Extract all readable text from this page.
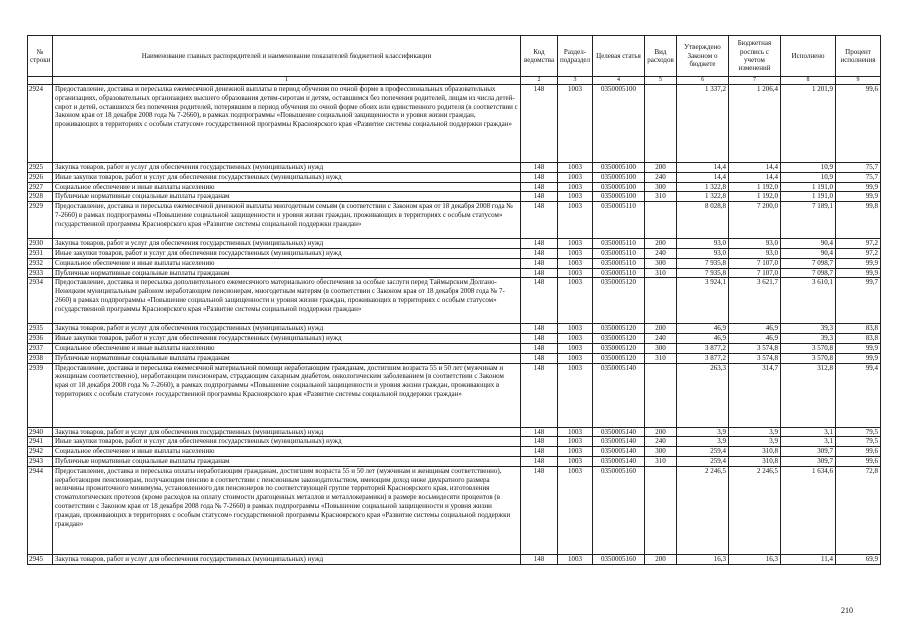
№ строки	Наименование главных распорядителей и наименование показателей бюджетной классификации	Код ведомства	Раздел-подраздел	Целевая статья	Вид расходов	Утверждено Законом о бюджете	Бюджетная роспись с учетом изменений	Исполнено	Процент исполнения
	1	2	3	4	5	6	7	8	9
2924	Предоставление, доставка и пересылка ежемесячной денежной выплаты в период обучения по очной форме в профессиональных образовательных организациях, образовательных организациях высшего образования детям-сиротам и детям, оставшимся без попечения родителей, лицам из числа детей-сирот и детей, оставшихся без попечения родителей, потерявшим в период обучения по очной форме обоих или единственного родителя (в соответствии с Законом края от 18 декабря 2008 года № 7-2660), в рамках подпрограммы «Повышение социальной защищенности и уровня жизни граждан, проживающих в территориях с особым статусом» государственной программы Красноярского края «Развитие системы социальной поддержки граждан»	148	1003	0350005100		1 337,2	1 206,4	1 201,9	99,6
2925	Закупка товаров, работ и услуг для обеспечения государственных (муниципальных) нужд	148	1003	0350005100	200	14,4	14,4	10,9	75,7
2926	Иные закупки товаров, работ и услуг для обеспечения государственных (муниципальных) нужд	148	1003	0350005100	240	14,4	14,4	10,9	75,7
2927	Социальное обеспечение и иные выплаты населению	148	1003	0350005100	300	1 322,8	1 192,0	1 191,0	99,9
2928	Публичные нормативные социальные выплаты гражданам	148	1003	0350005100	310	1 322,8	1 192,0	1 191,0	99,9
2929	Предоставление, доставка и пересылка ежемесячной денежной выплаты многодетным семьям (в соответствии с Законом края от 18 декабря 2008 года № 7-2660) в рамках подпрограммы «Повышение социальной защищенности и уровня жизни граждан, проживающих в территориях с особым статусом» государственной программы Красноярского края «Развитие системы социальной поддержки граждан»	148	1003	0350005110		8 028,8	7 200,0	7 189,1	99,8
2930	Закупка товаров, работ и услуг для обеспечения государственных (муниципальных) нужд	148	1003	0350005110	200	93,0	93,0	90,4	97,2
2931	Иные закупки товаров, работ и услуг для обеспечения государственных (муниципальных) нужд	148	1003	0350005110	240	93,0	93,0	90,4	97,2
2932	Социальное обеспечение и иные выплаты населению	148	1003	0350005110	300	7 935,8	7 107,0	7 098,7	99,9
2933	Публичные нормативные социальные выплаты гражданам	148	1003	0350005110	310	7 935,8	7 107,0	7 098,7	99,9
2934	Предоставление, доставка и пересылка дополнительного ежемесячного материального обеспечения за особые заслуги перед Таймырским Долгано-Ненецким муниципальным районом неработающим пенсионерам, многодетным матерям (в соответствии с Законом края от 18 декабря 2008 года № 7-2660) в рамках подпрограммы «Повышение социальной защищенности и уровня жизни граждан, проживающих в территориях с особым статусом» государственной программы Красноярского края «Развитие системы социальной поддержки граждан»	148	1003	0350005120		3 924,1	3 621,7	3 610,1	99,7
2935	Закупка товаров, работ и услуг для обеспечения государственных (муниципальных) нужд	148	1003	0350005120	200	46,9	46,9	39,3	83,8
2936	Иные закупки товаров, работ и услуг для обеспечения государственных (муниципальных) нужд	148	1003	0350005120	240	46,9	46,9	39,3	83,8
2937	Социальное обеспечение и иные выплаты населению	148	1003	0350005120	300	3 877,2	3 574,8	3 570,8	99,9
2938	Публичные нормативные социальные выплаты гражданам	148	1003	0350005120	310	3 877,2	3 574,8	3 570,8	99,9
2939	Предоставление, доставка и пересылка ежемесячной материальной помощи неработающим гражданам, достигшим возраста 55 и 50 лет (мужчинам и женщинам соответственно), неработающим пенсионерам, страдающим сахарным диабетом, онкологическим заболеванием (в соответствии с Законом края от 18 декабря 2008 года № 7-2660), в рамках подпрограммы «Повышение социальной защищенности и уровня жизни граждан, проживающих в территориях с особым статусом» государственной программы Красноярского края «Развитие системы социальной поддержки граждан»	148	1003	0350005140		263,3	314,7	312,8	99,4
2940	Закупка товаров, работ и услуг для обеспечения государственных (муниципальных) нужд	148	1003	0350005140	200	3,9	3,9	3,1	79,5
2941	Иные закупки товаров, работ и услуг для обеспечения государственных (муниципальных) нужд	148	1003	0350005140	240	3,9	3,9	3,1	79,5
2942	Социальное обеспечение и иные выплаты населению	148	1003	0350005140	300	259,4	310,8	309,7	99,6
2943	Публичные нормативные социальные выплаты гражданам	148	1003	0350005140	310	259,4	310,8	309,7	99,6
2944	Предоставление, доставка и пересылка оплаты неработающим гражданам, достигшим возраста 55 и 50 лет (мужчинам и женщинам соответственно), неработающим пенсионерам, получающим пенсию в соответствии с пенсионным законодательством, имеющим доход ниже двукратного размера величины прожиточного минимума, установленного для пенсионеров по соответствующей группе территорий Красноярского края, изготовления стоматологических протезов (кроме расходов на оплату стоимости драгоценных металлов и металлокерамики) в размере восьмидесяти процентов (в соответствии с Законом края от 18 декабря 2008 года № 7-2660) в рамках подпрограммы «Повышение социальной защищенности и уровня жизни граждан, проживающих в территориях с особым статусом» государственной программы Красноярского края «Развитие системы социальной поддержки граждан»	148	1003	0350005160		2 246,5	2 246,5	1 634,6	72,8
2945	Закупка товаров, работ и услуг для обеспечения государственных (муниципальных) нужд	148	1003	0350005160	200	16,3	16,3	11,4	69,9
210
